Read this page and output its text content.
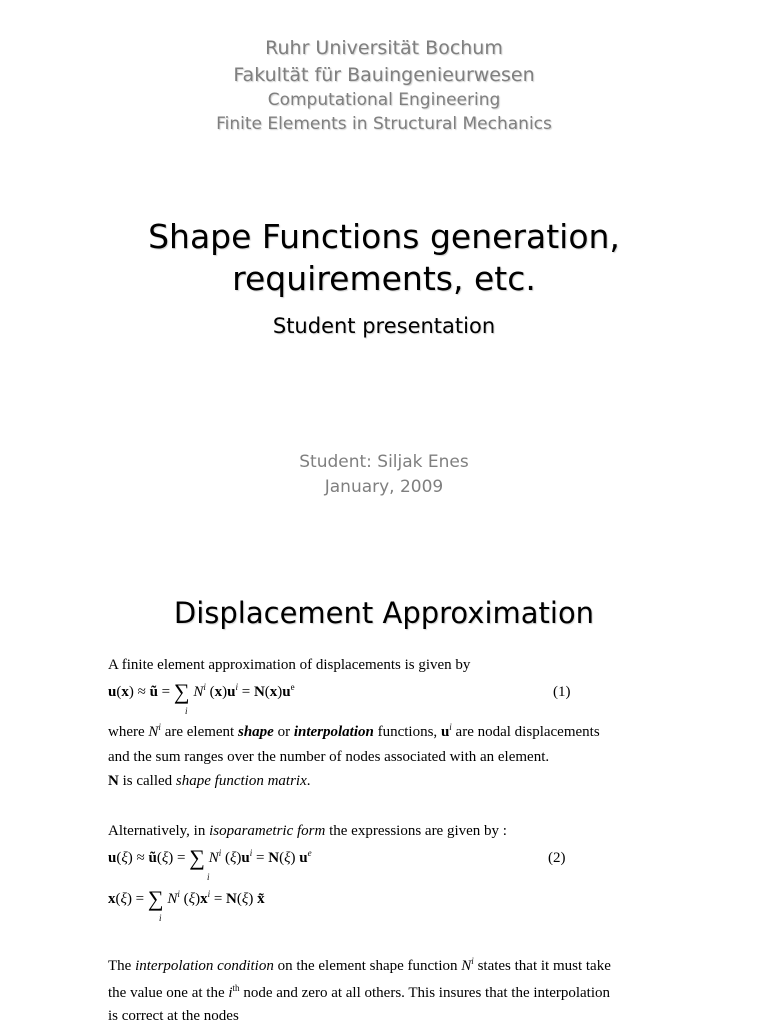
Ruhr Universität Bochum
Fakultät für Bauingenieurwesen
Computational Engineering
Finite Elements in Structural Mechanics
Shape Functions generation,
requirements, etc.
Student presentation
Student: Siljak Enes
January, 2009
Displacement Approximation
A finite element approximation of displacements is given by
u(x) ≈ ũ = ∑ $N^i$ $(x)u^i = N(x)u^e$
i
(1)
where $N^i$ are element shape or interpolation functions, $u^i$ are nodal displacements
and the sum ranges over the number of nodes associated with an element.
N is called shape function matrix.
Alternatively, in isoparametric form the expressions are given by :
u(ξ) ≈ ũ(ξ) = ∑ $N^i$ $(\xi)u^i = N(\xi)$ $u^e$
i
(2)
x(ξ) = ∑ $N^i$ $(\xi)x^i = N(\xi)$ x̃
i
The interpolation condition on the element shape function $N^i$ states that it must take
the value one at the $i^{th}$ node and zero at all others. This insures that the interpolation
is correct at the nodes
